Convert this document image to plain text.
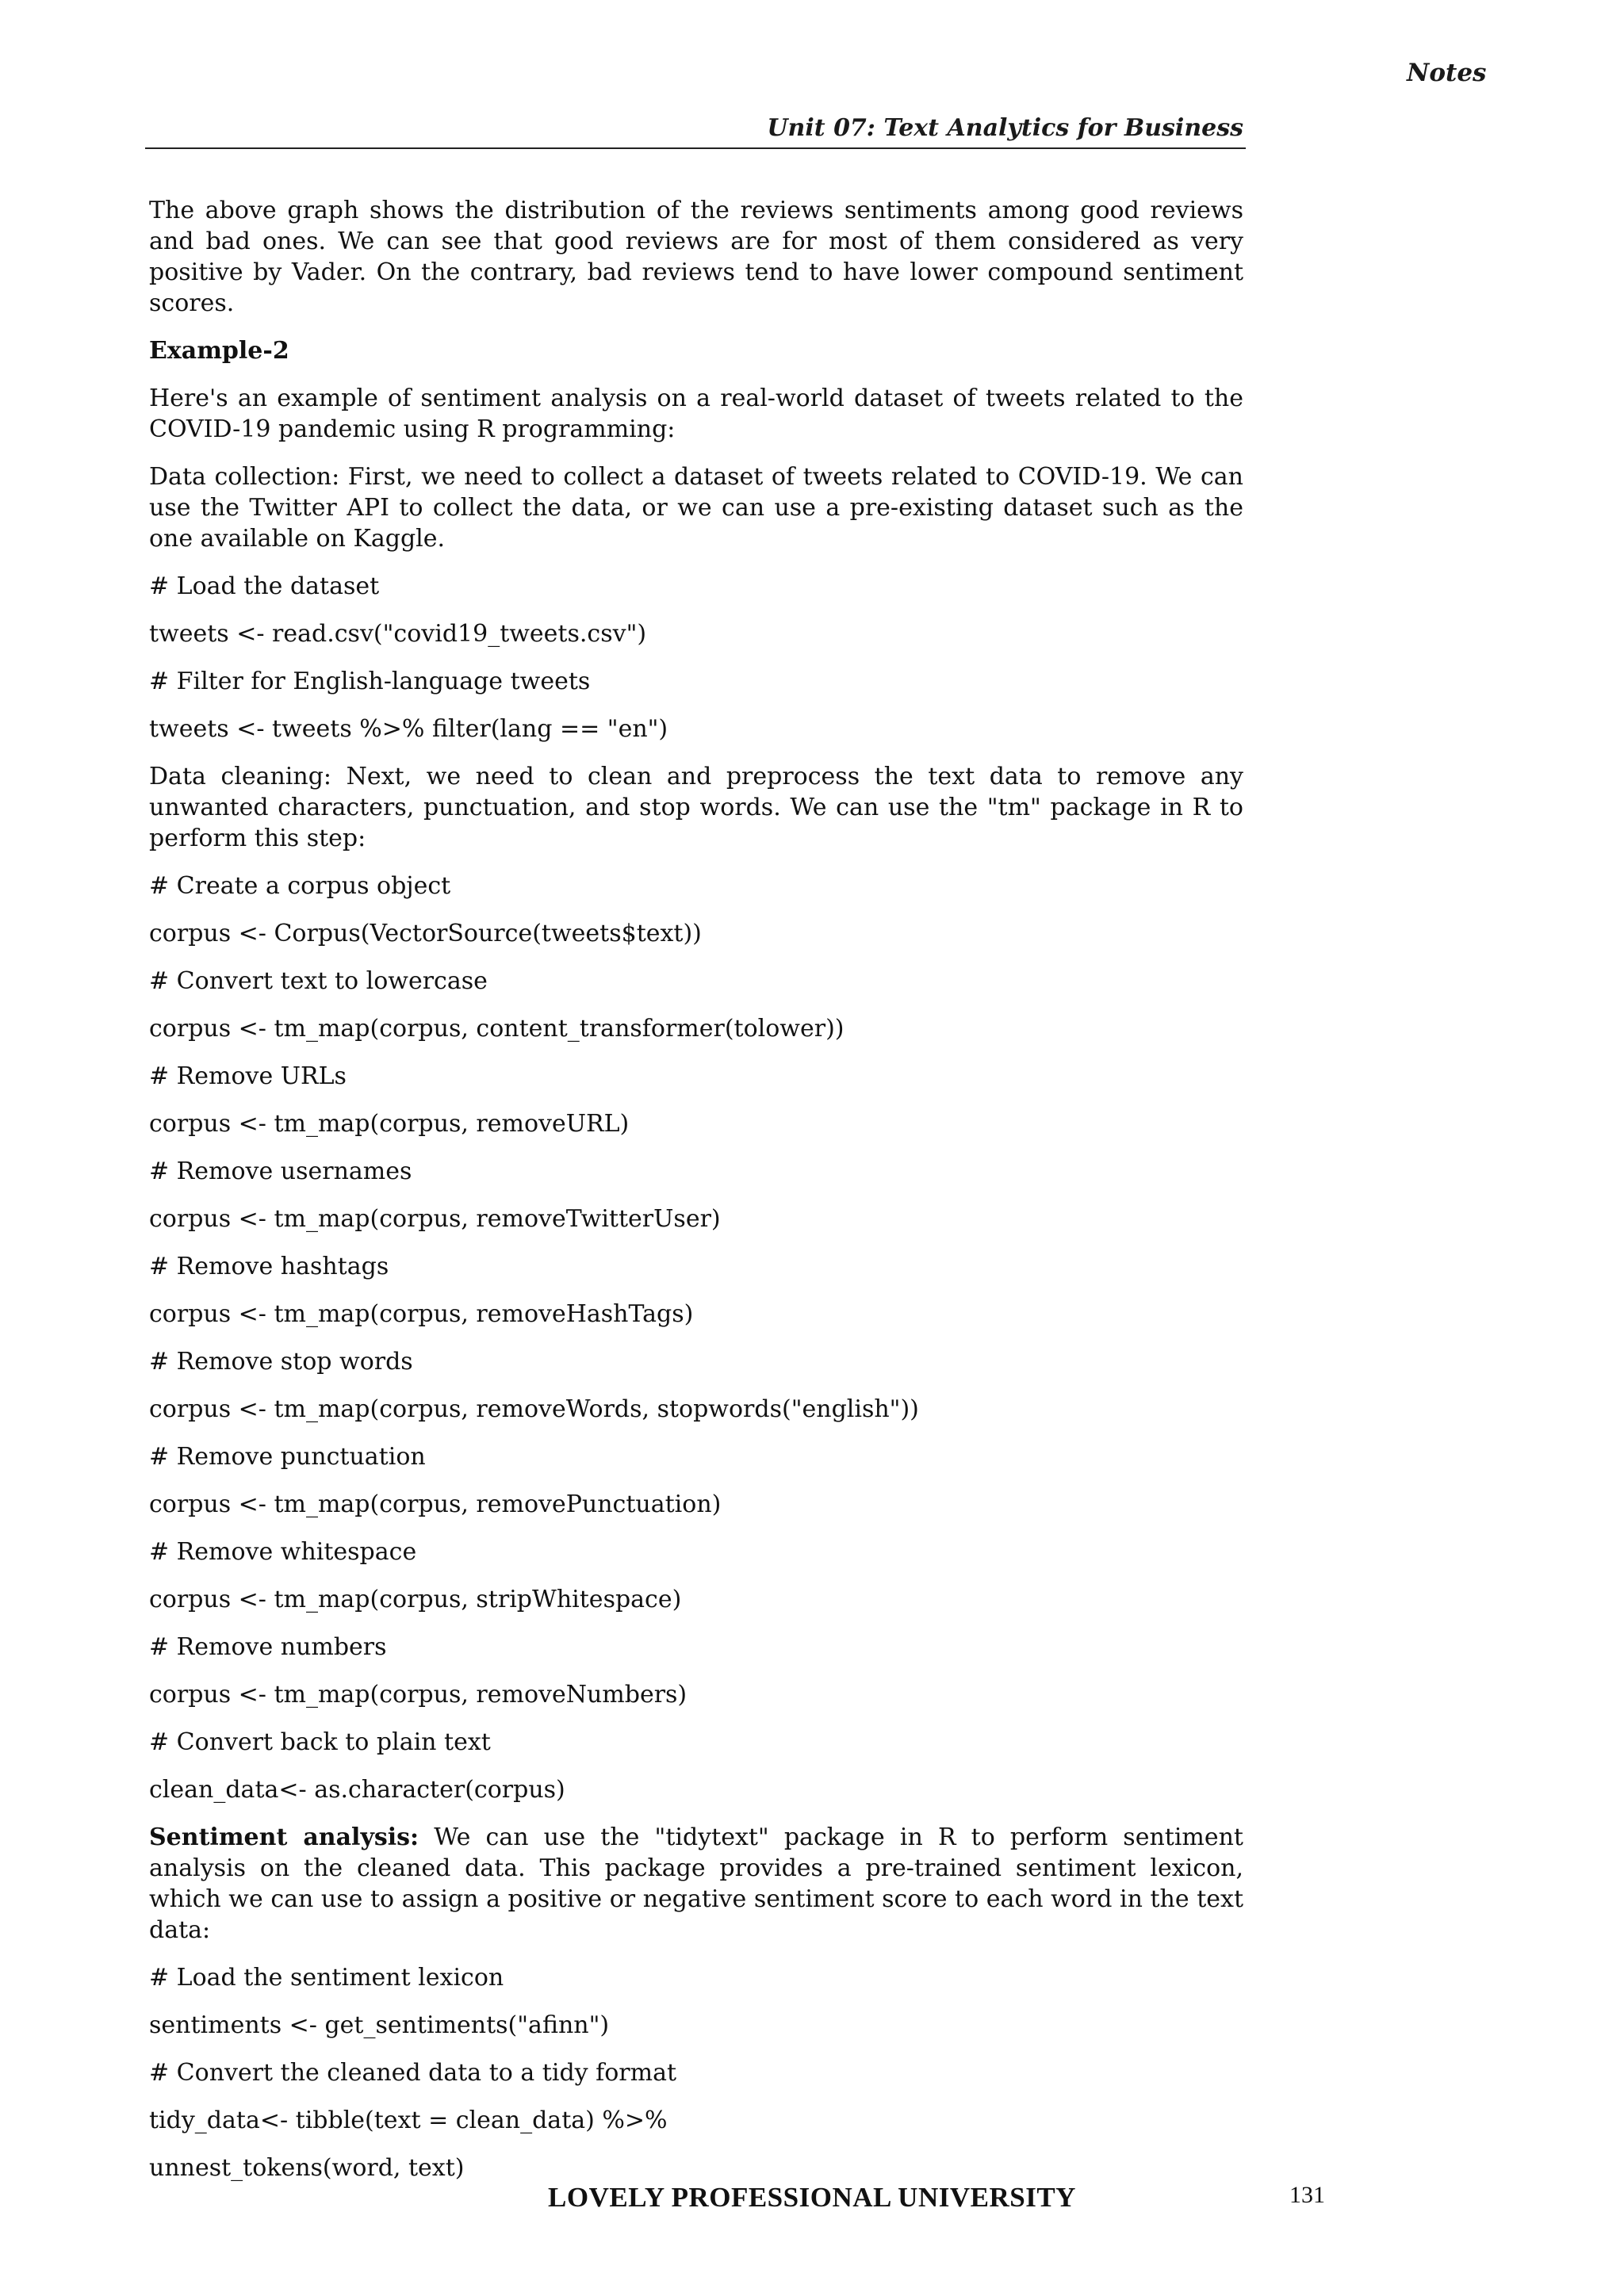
Notes
Unit 07: Text Analytics for Business

The above graph shows the distribution of the reviews sentiments among good reviews and bad ones. We can see that good reviews are for most of them considered as very positive by Vader. On the contrary, bad reviews tend to have lower compound sentiment scores.

Example-2

Here's an example of sentiment analysis on a real-world dataset of tweets related to the COVID-19 pandemic using R programming:

Data collection: First, we need to collect a dataset of tweets related to COVID-19. We can use the Twitter API to collect the data, or we can use a pre-existing dataset such as the one available on Kaggle.

# Load the dataset

tweets <- read.csv("covid19_tweets.csv")

# Filter for English-language tweets

tweets <- tweets %>% filter(lang == "en")

Data cleaning: Next, we need to clean and preprocess the text data to remove any unwanted characters, punctuation, and stop words. We can use the "tm" package in R to perform this step:

# Create a corpus object

corpus <- Corpus(VectorSource(tweets$text))

# Convert text to lowercase

corpus <- tm_map(corpus, content_transformer(tolower))

# Remove URLs

corpus <- tm_map(corpus, removeURL)

# Remove usernames

corpus <- tm_map(corpus, removeTwitterUser)

# Remove hashtags

corpus <- tm_map(corpus, removeHashTags)

# Remove stop words

corpus <- tm_map(corpus, removeWords, stopwords("english"))

# Remove punctuation

corpus <- tm_map(corpus, removePunctuation)

# Remove whitespace

corpus <- tm_map(corpus, stripWhitespace)

# Remove numbers

corpus <- tm_map(corpus, removeNumbers)

# Convert back to plain text

clean_data<- as.character(corpus)

Sentiment analysis: We can use the "tidytext" package in R to perform sentiment analysis on the cleaned data. This package provides a pre-trained sentiment lexicon, which we can use to assign a positive or negative sentiment score to each word in the text data:

# Load the sentiment lexicon

sentiments <- get_sentiments("afinn")

# Convert the cleaned data to a tidy format

tidy_data<- tibble(text = clean_data) %>%

unnest_tokens(word, text)

LOVELY PROFESSIONAL UNIVERSITY	131
